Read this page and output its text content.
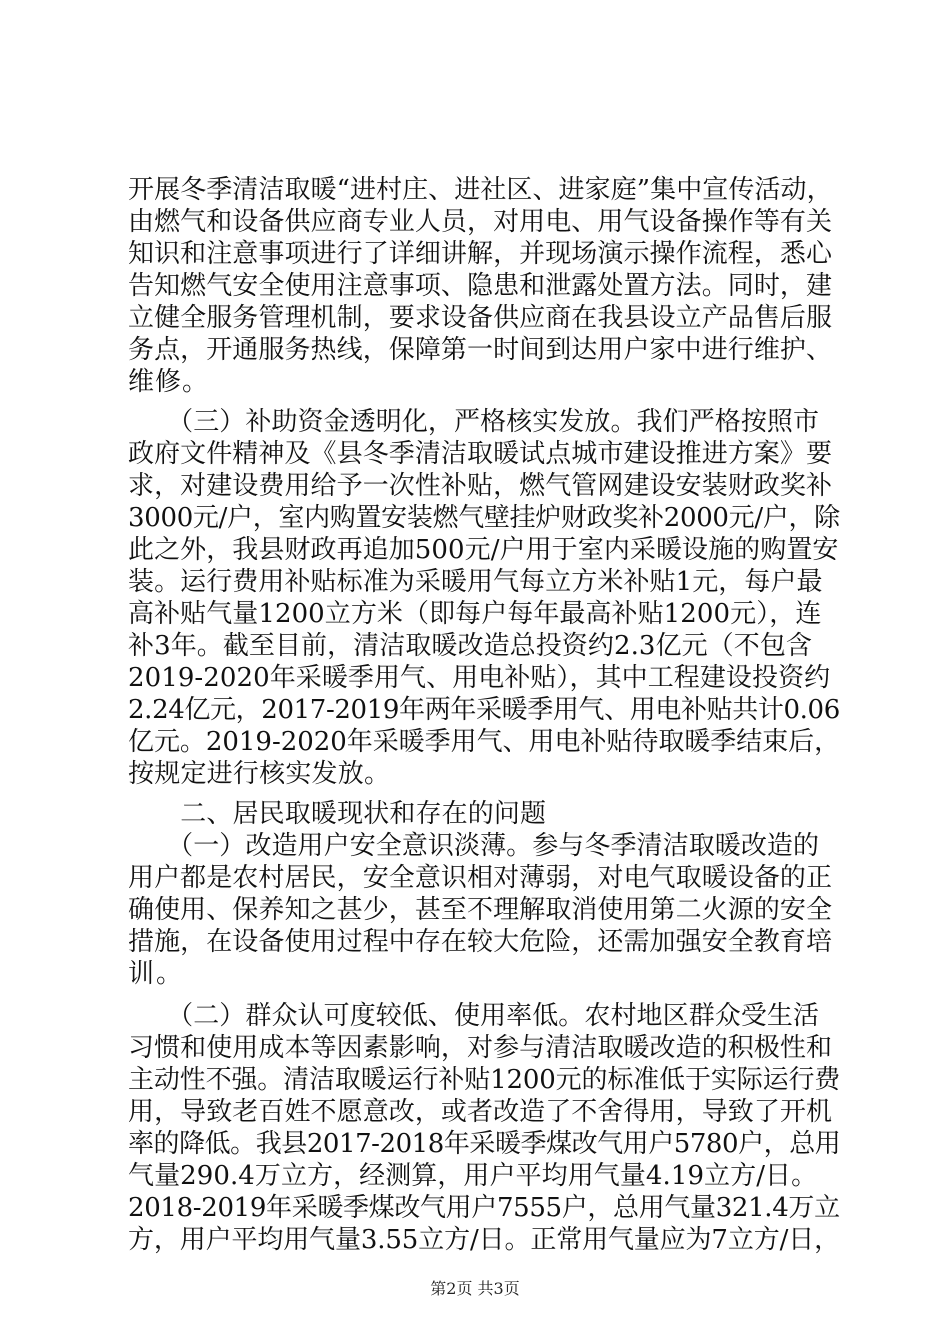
开展冬季清洁取暖“进村庄、进社区、进家庭”集中宣传活动，
由燃气和设备供应商专业人员，对用电、用气设备操作等有关
知识和注意事项进行了详细讲解，并现场演示操作流程，悉心
告知燃气安全使用注意事项、隐患和泄露处置方法。同时，建
立健全服务管理机制，要求设备供应商在我县设立产品售后服
务点，开通服务热线，保障第一时间到达用户家中进行维护、
维修。
　　（三）补助资金透明化，严格核实发放。我们严格按照市
政府文件精神及《县冬季清洁取暖试点城市建设推进方案》要
求，对建设费用给予一次性补贴，燃气管网建设安装财政奖补
3000元/户，室内购置安装燃气壁挂炉财政奖补2000元/户，除
此之外，我县财政再追加500元/户用于室内采暖设施的购置安
装。运行费用补贴标准为采暖用气每立方米补贴1元，每户最
高补贴气量1200立方米（即每户每年最高补贴1200元），连
补3年。截至目前，清洁取暖改造总投资约2.3亿元（不包含
2019-2020年采暖季用气、用电补贴），其中工程建设投资约
2.24亿元，2017-2019年两年采暖季用气、用电补贴共计0.06
亿元。2019-2020年采暖季用气、用电补贴待取暖季结束后，
按规定进行核实发放。
　　二、居民取暖现状和存在的问题
　　（一）改造用户安全意识淡薄。参与冬季清洁取暖改造的
用户都是农村居民，安全意识相对薄弱，对电气取暖设备的正
确使用、保养知之甚少，甚至不理解取消使用第二火源的安全
措施，在设备使用过程中存在较大危险，还需加强安全教育培
训。
　　（二）群众认可度较低、使用率低。农村地区群众受生活
习惯和使用成本等因素影响，对参与清洁取暖改造的积极性和
主动性不强。清洁取暖运行补贴1200元的标准低于实际运行费
用，导致老百姓不愿意改，或者改造了不舍得用，导致了开机
率的降低。我县2017-2018年采暖季煤改气用户5780户，总用
气量290.4万立方，经测算，用户平均用气量4.19立方/日。
2018-2019年采暖季煤改气用户7555户，总用气量321.4万立
方，用户平均用气量3.55立方/日。正常用气量应为7立方/日，
第2页 共3页
